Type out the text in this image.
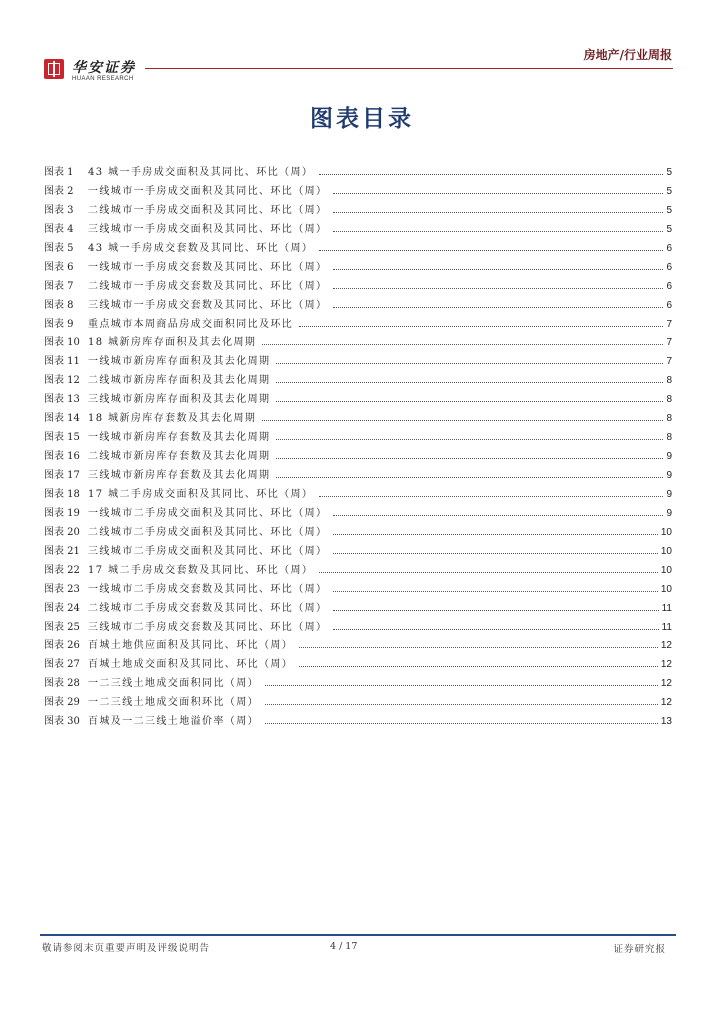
华安证券
HUAAN RESEARCH
房地产/行业周报
图表目录
图表 1	43 城一手房成交面积及其同比、环比（周）	5
图表 2	一线城市一手房成交面积及其同比、环比（周）	5
图表 3	二线城市一手房成交面积及其同比、环比（周）	5
图表 4	三线城市一手房成交面积及其同比、环比（周）	5
图表 5	43 城一手房成交套数及其同比、环比（周）	6
图表 6	一线城市一手房成交套数及其同比、环比（周）	6
图表 7	二线城市一手房成交套数及其同比、环比（周）	6
图表 8	三线城市一手房成交套数及其同比、环比（周）	6
图表 9	重点城市本周商品房成交面积同比及环比	7
图表 10 18 城新房库存面积及其去化周期	7
图表 11 一线城市新房库存面积及其去化周期	7
图表 12 二线城市新房库存面积及其去化周期	8
图表 13 三线城市新房库存面积及其去化周期	8
图表 14 18 城新房库存套数及其去化周期	8
图表 15 一线城市新房库存套数及其去化周期	8
图表 16 二线城市新房库存套数及其去化周期	9
图表 17 三线城市新房库存套数及其去化周期	9
图表 18 17 城二手房成交面积及其同比、环比（周）	9
图表 19 一线城市二手房成交面积及其同比、环比（周）	9
图表 20 二线城市二手房成交面积及其同比、环比（周）	10
图表 21 三线城市二手房成交面积及其同比、环比（周）	10
图表 22 17 城二手房成交套数及其同比、环比（周）	10
图表 23 一线城市二手房成交套数及其同比、环比（周）	10
图表 24 二线城市二手房成交套数及其同比、环比（周）	11
图表 25 三线城市二手房成交套数及其同比、环比（周）	11
图表 26 百城土地供应面积及其同比、环比（周）	12
图表 27 百城土地成交面积及其同比、环比（周）	12
图表 28 一二三线土地成交面积同比（周）	12
图表 29 一二三线土地成交面积环比（周）	12
图表 30 百城及一二三线土地溢价率（周）	13
敬请参阅末页重要声明及评级说明告	4 / 17	证券研究报
